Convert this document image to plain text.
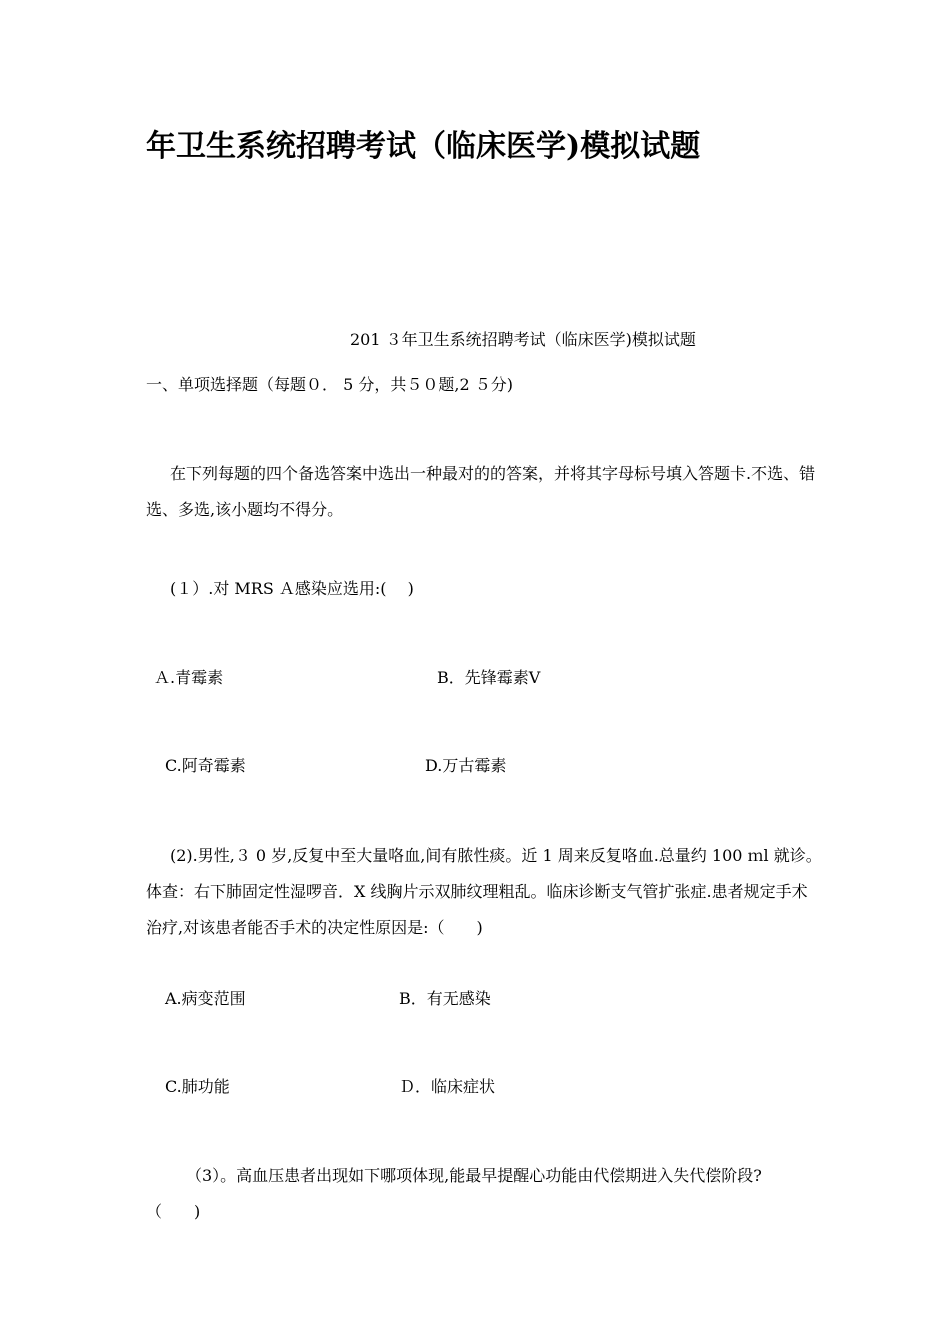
年卫生系统招聘考试（临床医学)模拟试题
201 ３年卫生系统招聘考试（临床医学)模拟试题
一、单项选择题（每题０． 5 分，共５０题,2 ５分)
在下列每题的四个备选答案中选出一种最对的的答案，并将其字母标号填入答题卡.不选、错选、多选,该小题均不得分。
(１）.对 MRS Ａ感染应选用:(　 )
Ａ.青霉素	B．先锋霉素Ⅴ
C.阿奇霉素	D.万古霉素
(2).男性,３ 0 岁,反复中至大量咯血,间有脓性痰。近 1 周来反复咯血.总量约 100 ｍl 就诊。体查：右下肺固定性湿啰音．X 线胸片示双肺纹理粗乱。临床诊断支气管扩张症.患者规定手术治疗,对该患者能否手术的决定性原因是:（　　)
A.病变范围	B．有无感染
C.肺功能	Ｄ．临床症状
（3）。高血压患者出现如下哪项体现,能最早提醒心功能由代偿期进入失代偿阶段?　（　　)
